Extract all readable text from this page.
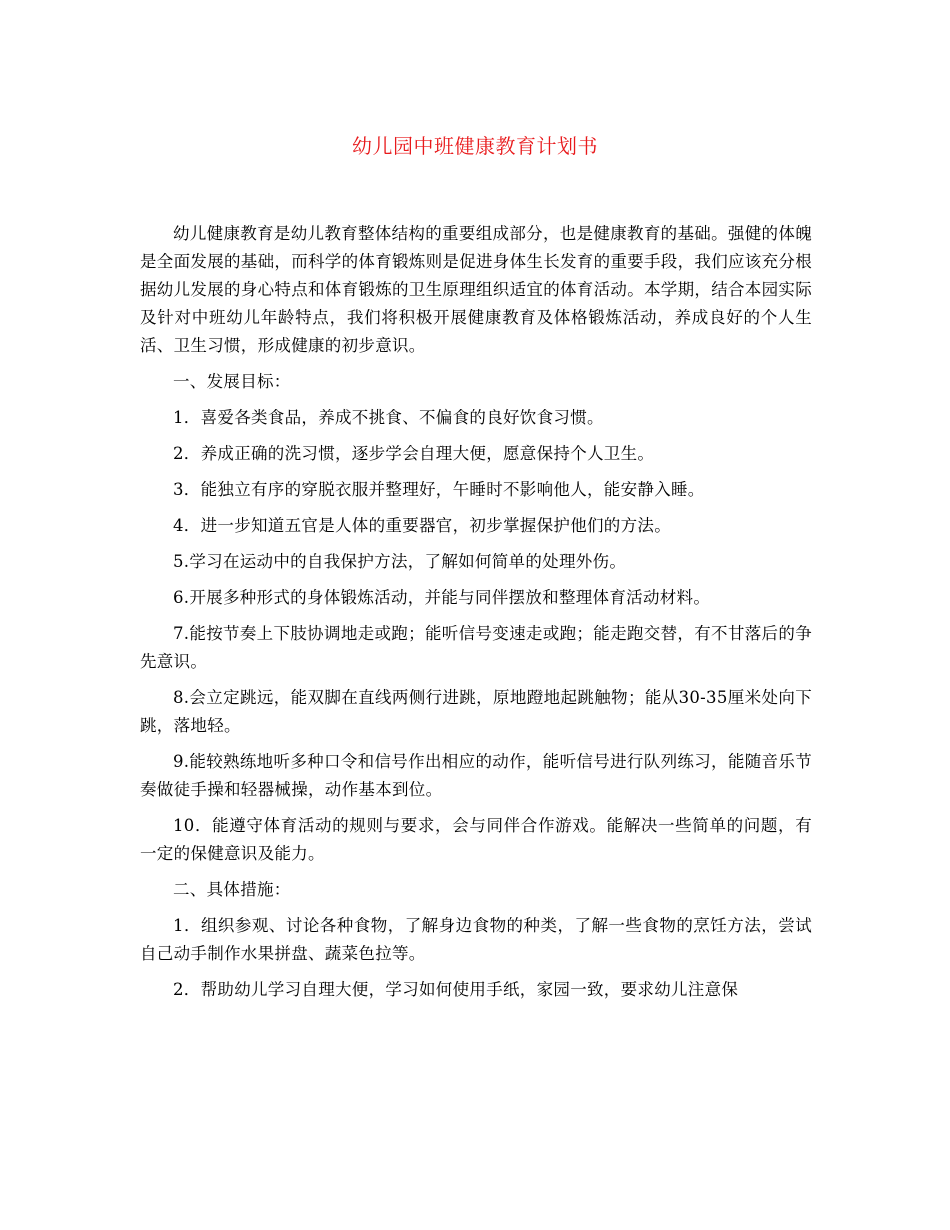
幼儿园中班健康教育计划书

幼儿健康教育是幼儿教育整体结构的重要组成部分，也是健康教育的基础。强健的体魄是全面发展的基础，而科学的体育锻炼则是促进身体生长发育的重要手段，我们应该充分根据幼儿发展的身心特点和体育锻炼的卫生原理组织适宜的体育活动。本学期，结合本园实际及针对中班幼儿年龄特点，我们将积极开展健康教育及体格锻炼活动，养成良好的个人生活、卫生习惯，形成健康的初步意识。

一、发展目标：

1．喜爱各类食品，养成不挑食、不偏食的良好饮食习惯。

2．养成正确的洗习惯，逐步学会自理大便，愿意保持个人卫生。

3．能独立有序的穿脱衣服并整理好，午睡时不影响他人，能安静入睡。

4．进一步知道五官是人体的重要器官，初步掌握保护他们的方法。

5.学习在运动中的自我保护方法，了解如何简单的处理外伤。

6.开展多种形式的身体锻炼活动，并能与同伴摆放和整理体育活动材料。

7.能按节奏上下肢协调地走或跑；能听信号变速走或跑；能走跑交替，有不甘落后的争先意识。

8.会立定跳远，能双脚在直线两侧行进跳，原地蹬地起跳触物；能从30-35厘米处向下跳，落地轻。

9.能较熟练地听多种口令和信号作出相应的动作，能听信号进行队列练习，能随音乐节奏做徒手操和轻器械操，动作基本到位。

10．能遵守体育活动的规则与要求，会与同伴合作游戏。能解决一些简单的问题，有一定的保健意识及能力。

二、具体措施：

1．组织参观、讨论各种食物，了解身边食物的种类，了解一些食物的烹饪方法，尝试自己动手制作水果拼盘、蔬菜色拉等。

2．帮助幼儿学习自理大便，学习如何使用手纸，家园一致，要求幼儿注意保
